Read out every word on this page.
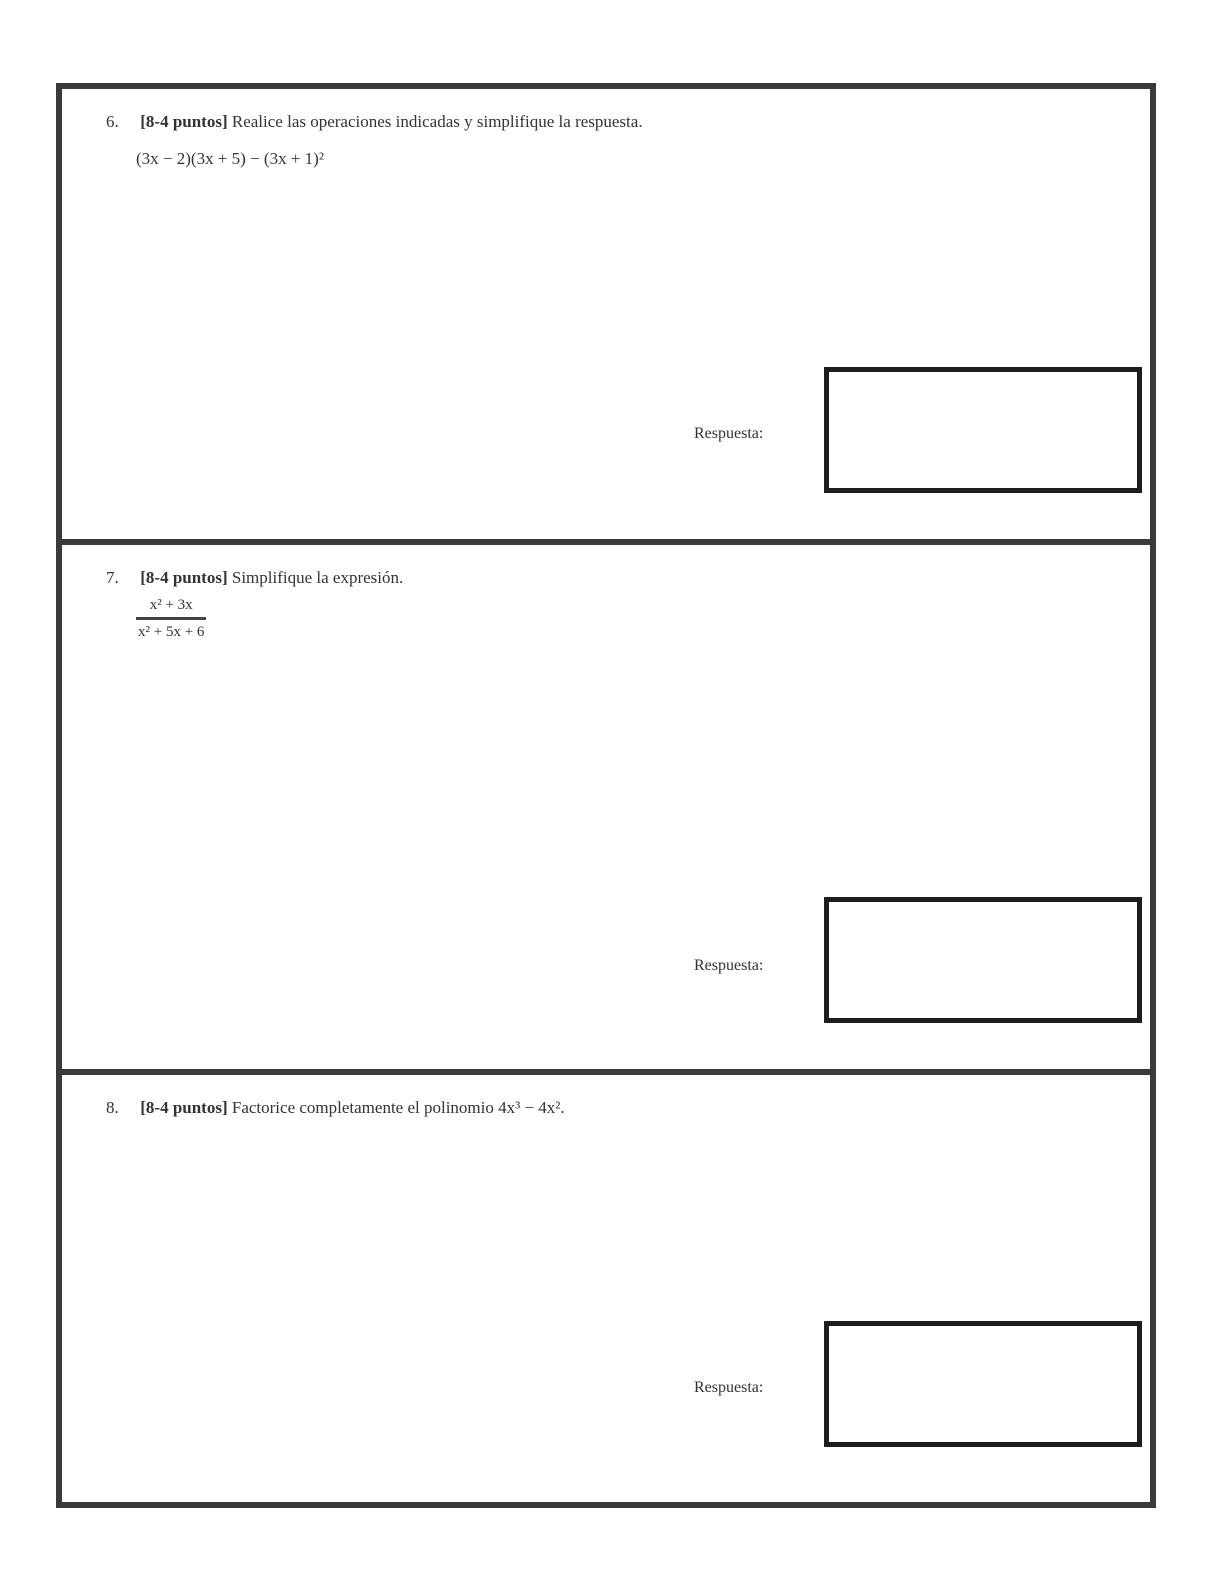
6. [8-4 puntos] Realice las operaciones indicadas y simplifique la respuesta.
(3x − 2)(3x + 5) − (3x + 1)²
Respuesta:
7. [8-4 puntos] Simplifique la expresión.
x² + 3x
x² + 5x + 6
Respuesta:
8. [8-4 puntos] Factorice completamente el polinomio 4x³ − 4x².
Respuesta:
